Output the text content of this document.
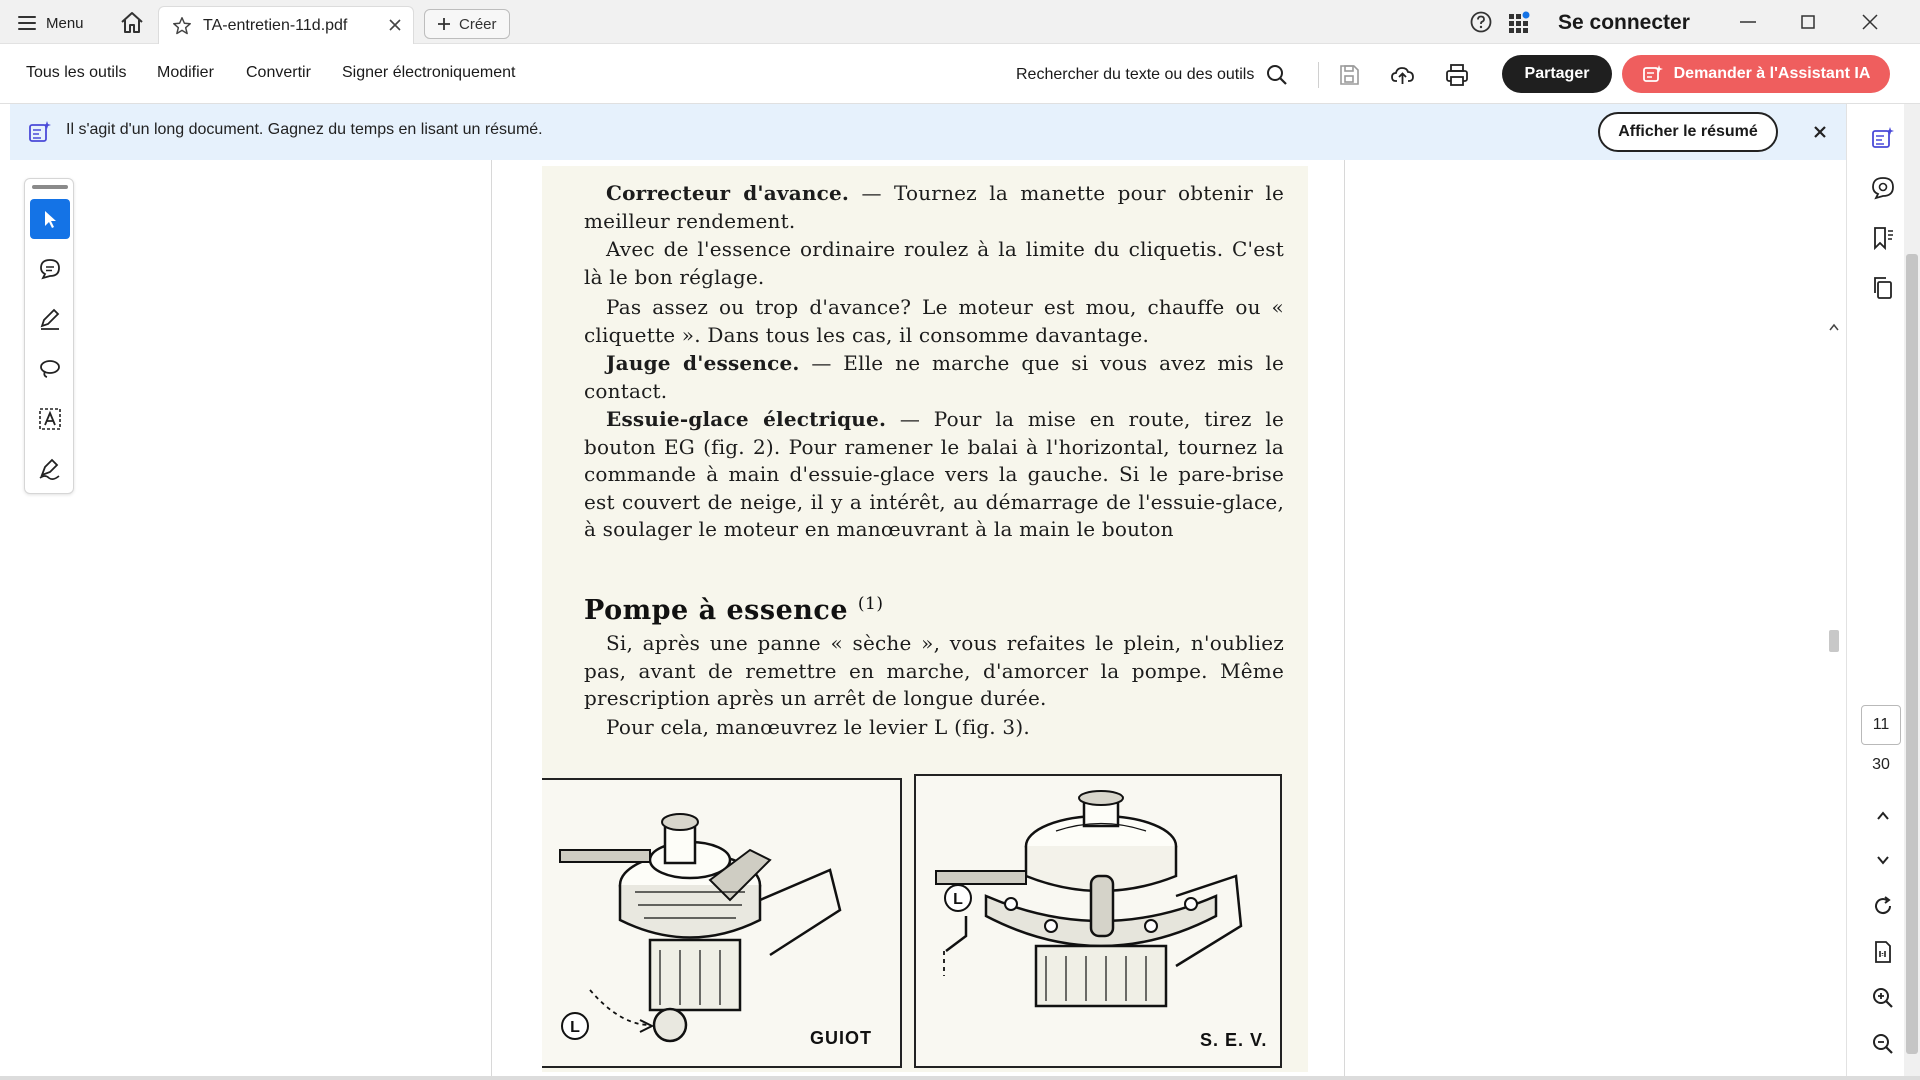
Menu	TA-entretien-11d.pdf	Créer	Se connecter
Tous les outils Modifier Convertir Signer électroniquement	Rechercher du texte ou des outils	Partager	Demander à l'Assistant IA
Il s'agit d'un long document. Gagnez du temps en lisant un résumé.	Afficher le résumé
Correcteur d'avance. — Tournez la manette pour obtenir le meilleur rendement.
Avec de l'essence ordinaire roulez à la limite du cliquetis. C'est là le bon réglage.
Pas assez ou trop d'avance? Le moteur est mou, chauffe ou « cliquette ». Dans tous les cas, il consomme davantage.
Jauge d'essence. — Elle ne marche que si vous avez mis le contact.
Essuie-glace électrique. — Pour la mise en route, tirez le bouton EG (fig. 2). Pour ramener le balai à l'horizontal, tournez la commande à main d'essuie-glace vers la gauche. Si le pare-brise est couvert de neige, il y a intérêt, au démarrage de l'essuie-glace, à soulager le moteur en manœuvrant à la main le bouton
Pompe à essence $^{(1)}$
Si, après une panne « sèche », vous refaites le plein, n'oubliez pas, avant de remettre en marche, d'amorcer la pompe. Même prescription après un arrêt de longue durée.
Pour cela, manœuvrez le levier L (fig. 3).
L
GUIOT
L
S. E. V.
11
30
